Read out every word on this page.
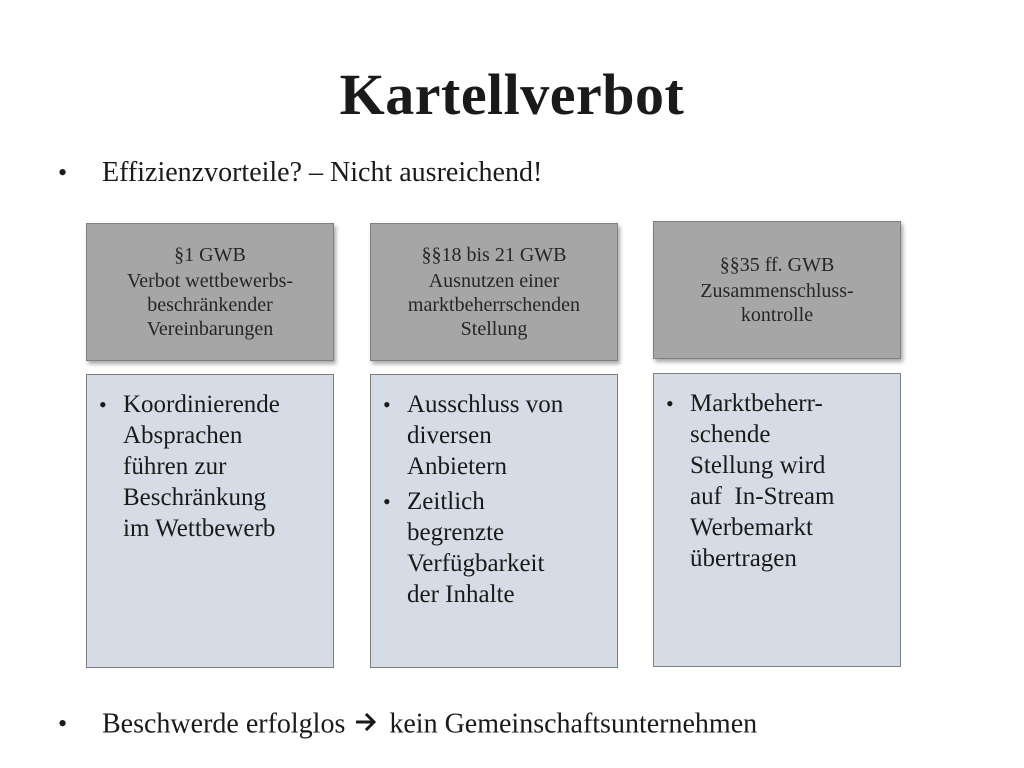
Kartellverbot
• Effizienzvorteile? – Nicht ausreichend!
§1 GWB
Verbot wettbewerbs-
beschränkender
Vereinbarungen
• Koordinierende
Absprachen
führen zur
Beschränkung
im Wettbewerb
§§18 bis 21 GWB
Ausnutzen einer
marktbeherrschenden
Stellung
• Ausschluss von
diversen
Anbietern
• Zeitlich
begrenzte
Verfügbarkeit
der Inhalte
§§35 ff. GWB
Zusammenschluss-
kontrolle
• Marktbeherr-
schende
Stellung wird
auf  In-Stream
Werbemarkt
übertragen
• Beschwerde erfolglos kein Gemeinschaftsunternehmen
